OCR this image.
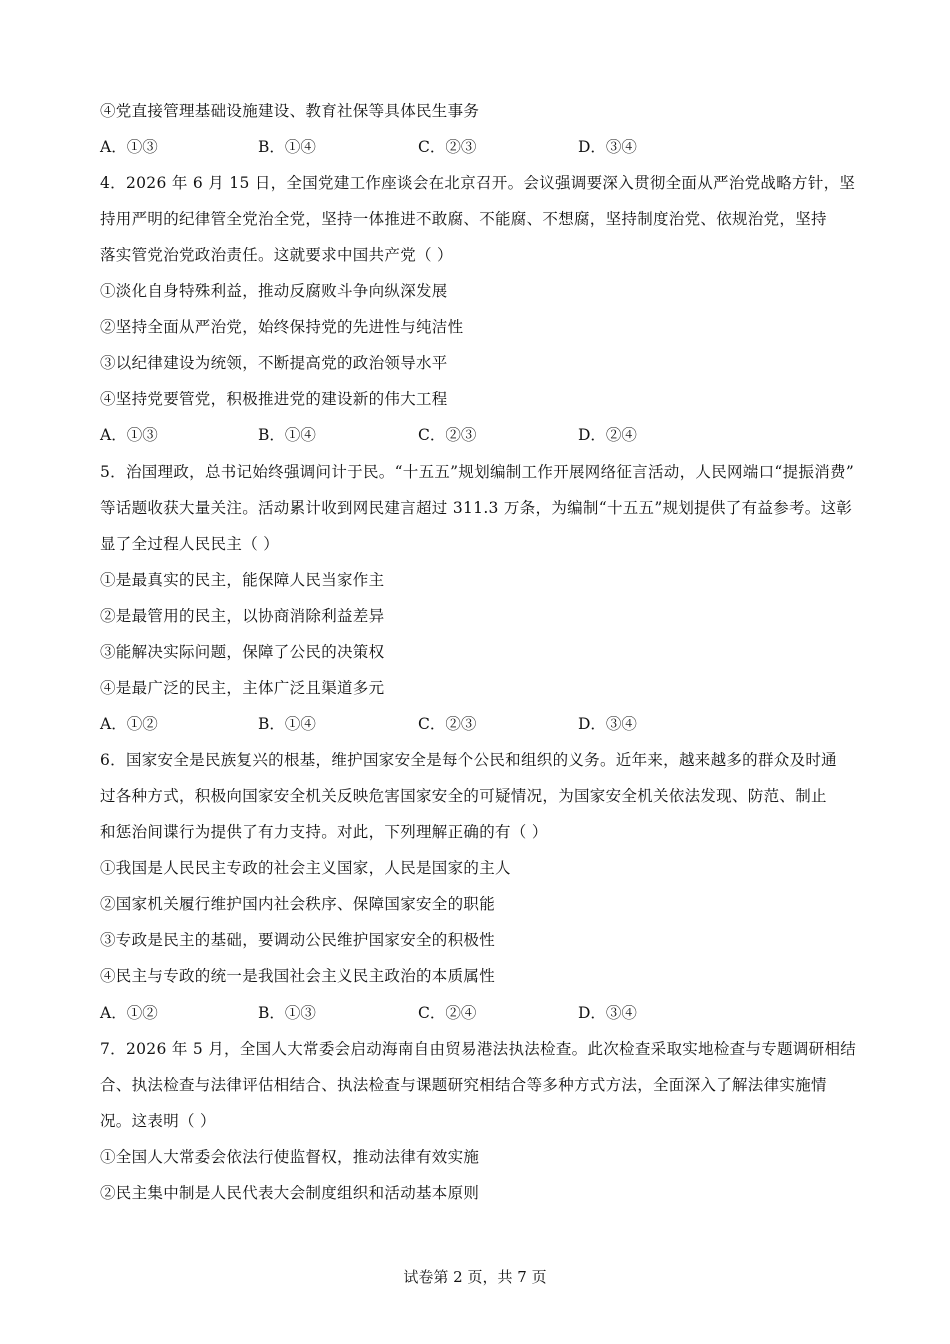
④党直接管理基础设施建设、教育社保等具体民生事务
A．①③	B．①④	C．②③	D．③④
4．2026 年 6 月 15 日，全国党建工作座谈会在北京召开。会议强调要深入贯彻全面从严治党战略方针，坚
持用严明的纪律管全党治全党，坚持一体推进不敢腐、不能腐、不想腐，坚持制度治党、依规治党，坚持
落实管党治党政治责任。这就要求中国共产党（ ）
①淡化自身特殊利益，推动反腐败斗争向纵深发展
②坚持全面从严治党，始终保持党的先进性与纯洁性
③以纪律建设为统领，不断提高党的政治领导水平
④坚持党要管党，积极推进党的建设新的伟大工程
A．①③	B．①④	C．②③	D．②④
5．治国理政，总书记始终强调问计于民。“十五五”规划编制工作开展网络征言活动，人民网端口“提振消费”
等话题收获大量关注。活动累计收到网民建言超过 311.3 万条，为编制“十五五”规划提供了有益参考。这彰
显了全过程人民民主（ ）
①是最真实的民主，能保障人民当家作主
②是最管用的民主，以协商消除利益差异
③能解决实际问题，保障了公民的决策权
④是最广泛的民主，主体广泛且渠道多元
A．①②	B．①④	C．②③	D．③④
6．国家安全是民族复兴的根基，维护国家安全是每个公民和组织的义务。近年来，越来越多的群众及时通
过各种方式，积极向国家安全机关反映危害国家安全的可疑情况，为国家安全机关依法发现、防范、制止
和惩治间谍行为提供了有力支持。对此，下列理解正确的有（ ）
①我国是人民民主专政的社会主义国家，人民是国家的主人
②国家机关履行维护国内社会秩序、保障国家安全的职能
③专政是民主的基础，要调动公民维护国家安全的积极性
④民主与专政的统一是我国社会主义民主政治的本质属性
A．①②	B．①③	C．②④	D．③④
7．2026 年 5 月，全国人大常委会启动海南自由贸易港法执法检查。此次检查采取实地检查与专题调研相结
合、执法检查与法律评估相结合、执法检查与课题研究相结合等多种方式方法，全面深入了解法律实施情
况。这表明（ ）
①全国人大常委会依法行使监督权，推动法律有效实施
②民主集中制是人民代表大会制度组织和活动基本原则
试卷第 2 页，共 7 页
